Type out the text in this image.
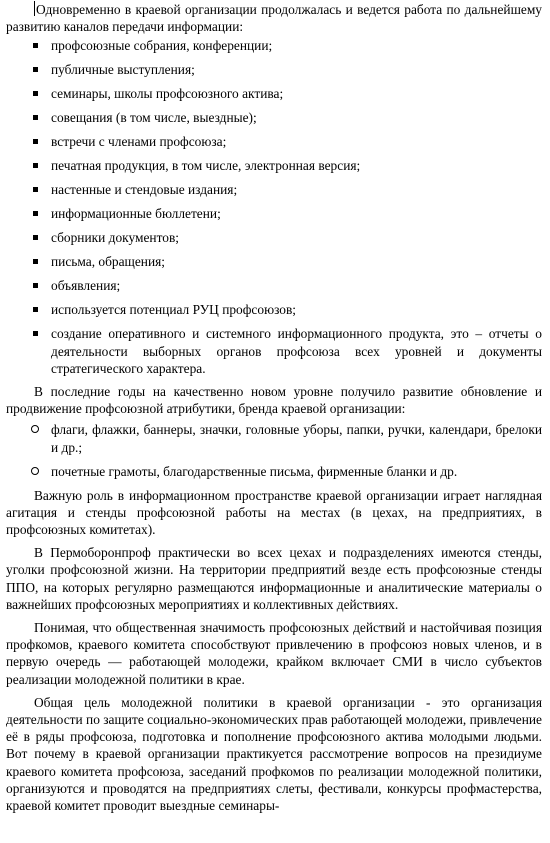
Одновременно в краевой организации продолжалась и ведется работа по дальнейшему развитию каналов передачи информации:

профсоюзные собрания, конференции;
публичные выступления;
семинары, школы профсоюзного актива;
совещания (в том числе, выездные);
встречи с членами профсоюза;
печатная продукция, в том числе, электронная версия;
настенные и стендовые издания;
информационные бюллетени;
сборники документов;
письма, обращения;
объявления;
используется потенциал РУЦ профсоюзов;
создание оперативного и системного информационного продукта, это – отчеты о деятельности выборных органов профсоюза всех уровней и документы стратегического характера.

В последние годы на качественно новом уровне получило развитие обновление и продвижение профсоюзной атрибутики, бренда краевой организации:

флаги, флажки, баннеры, значки, головные уборы, папки, ручки, календари, брелоки и др.;
почетные грамоты, благодарственные письма, фирменные бланки и др.

Важную роль в информационном пространстве краевой организации играет наглядная агитация и стенды профсоюзной работы на местах (в цехах, на предприятиях, в профсоюзных комитетах).

В Пермоборонпроф практически во всех цехах и подразделениях имеются стенды, уголки профсоюзной жизни. На территории предприятий везде есть профсоюзные стенды ППО, на которых регулярно размещаются информационные и аналитические материалы о важнейших профсоюзных мероприятиях и коллективных действиях.

Понимая, что общественная значимость профсоюзных действий и настойчивая позиция профкомов, краевого комитета способствуют привлечению в профсоюз новых членов, и в первую очередь — работающей молодежи, крайком включает СМИ в число субъектов реализации молодежной политики в крае.

Общая цель молодежной политики в краевой организации - это организация деятельности по защите социально-экономических прав работающей молодежи, привлечение её в ряды профсоюза, подготовка и пополнение профсоюзного актива молодыми людьми. Вот почему в краевой организации практикуется рассмотрение вопросов на президиуме краевого комитета профсоюза, заседаний профкомов по реализации молодежной политики, организуются и проводятся на предприятиях слеты, фестивали, конкурсы профмастерства, краевой комитет проводит выездные семинары-
